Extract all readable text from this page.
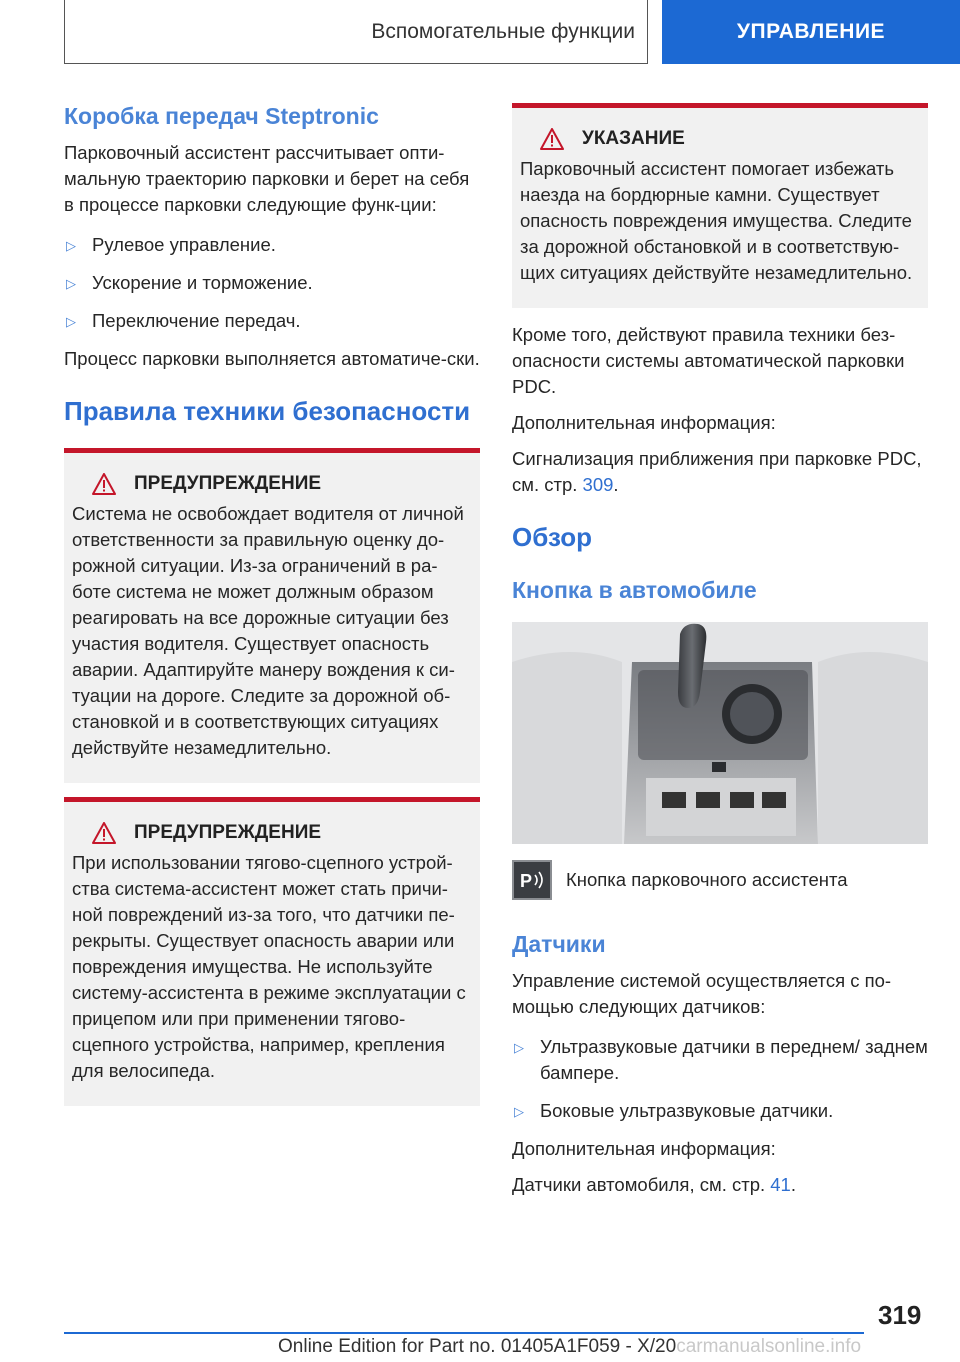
Вспомогательные функции	УПРАВЛЕНИЕ
Коробка передач Steptronic

Парковочный ассистент рассчитывает опти-мальную траекторию парковки и берет на себя в процессе парковки следующие функ-ции:

▷ Рулевое управление.
▷ Ускорение и торможение.
▷ Переключение передач.

Процесс парковки выполняется автоматиче-ски.

Правила техники безопасности
ПРЕДУПРЕЖДЕНИЕ

Система не освобождает водителя от личной ответственности за правильную оценку до-рожной ситуации. Из-за ограничений в ра-боте система не может должным образом реагировать на все дорожные ситуации без участия водителя. Существует опасность аварии. Адаптируйте манеру вождения к си-туации на дороге. Следите за дорожной об-становкой и в соответствующих ситуациях действуйте незамедлительно.

ПРЕДУПРЕЖДЕНИЕ

При использовании тягово-сцепного устрой-ства система-ассистент может стать причи-ной повреждений из-за того, что датчики пе-рекрыты. Существует опасность аварии или повреждения имущества. Не используйте систему-ассистента в режиме эксплуатации с прицепом или при применении тягово-сцепного устройства, например, крепления для велосипеда.

УКАЗАНИЕ

Парковочный ассистент помогает избежать наезда на бордюрные камни. Существует опасность повреждения имущества. Следите за дорожной обстановкой и в соответствую-щих ситуациях действуйте незамедлительно.

Кроме того, действуют правила техники без-опасности системы автоматической парковки PDC.

Дополнительная информация:

Сигнализация приближения при парковке PDC, см. стр. 309.

Обзор
Кнопка в автомобиле
P Кнопка парковочного ассистента
Датчики

Управление системой осуществляется с по-мощью следующих датчиков:

▷ Ультразвуковые датчики в переднем/ заднем бампере.
▷ Боковые ультразвуковые датчики.

Дополнительная информация:

Датчики автомобиля, см. стр. 41.

319
Online Edition for Part no. 01405A1F059 - X/20carmanualsonline.info
